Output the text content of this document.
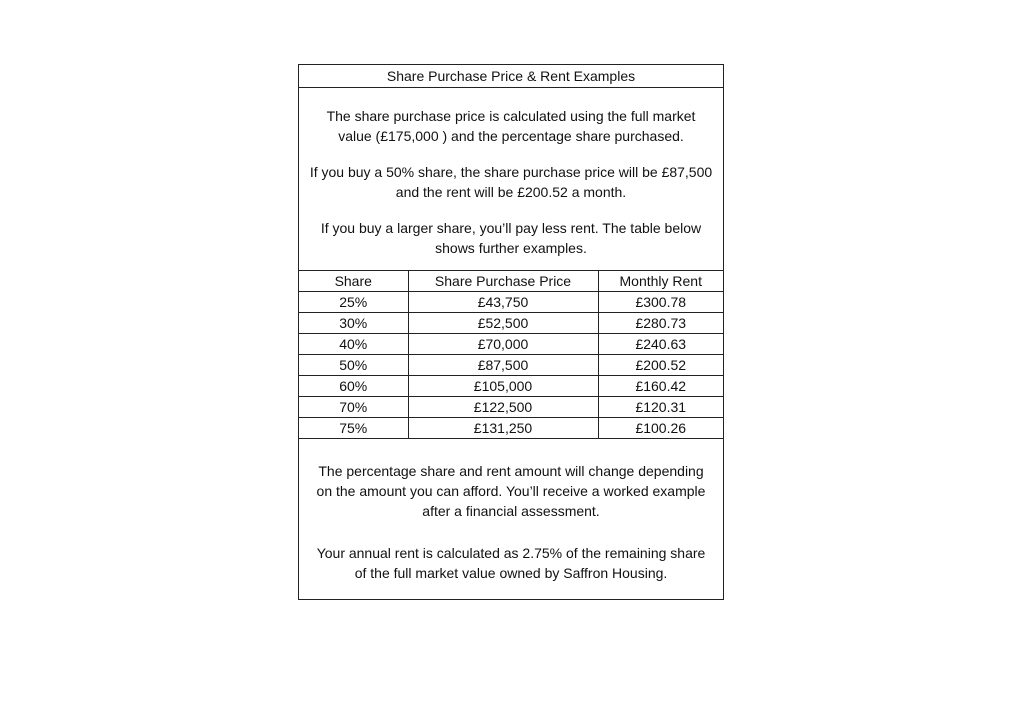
Share Purchase Price & Rent Examples

The share purchase price is calculated using the full market value (£175,000 ) and the percentage share purchased.

If you buy a 50% share, the share purchase price will be £87,500 and the rent will be £200.52 a month.

If you buy a larger share, you’ll pay less rent. The table below shows further examples.

Share	Share Purchase Price	Monthly Rent
25%	£43,750	£300.78
30%	£52,500	£280.73
40%	£70,000	£240.63
50%	£87,500	£200.52
60%	£105,000	£160.42
70%	£122,500	£120.31
75%	£131,250	£100.26

The percentage share and rent amount will change depending on the amount you can afford. You’ll receive a worked example after a financial assessment.

Your annual rent is calculated as 2.75% of the remaining share of the full market value owned by Saffron Housing.
